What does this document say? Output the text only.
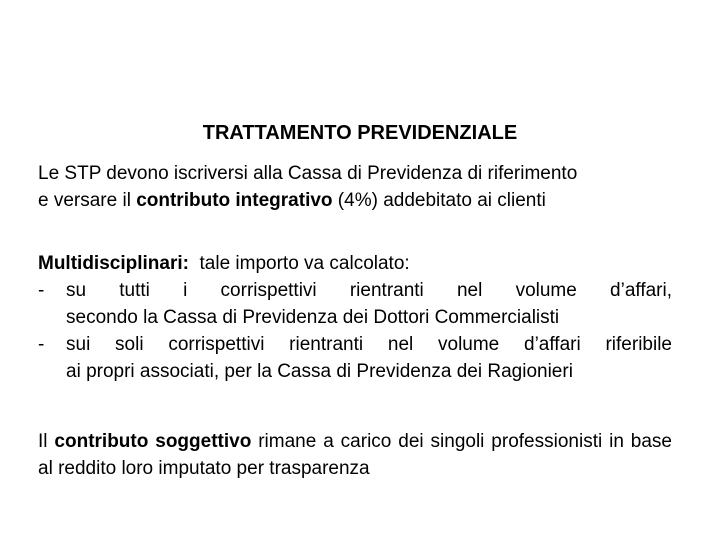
TRATTAMENTO PREVIDENZIALE
Le STP devono iscriversi alla Cassa di Previdenza di riferimento
e versare il contributo integrativo (4%) addebitato ai clienti
Multidisciplinari:  tale importo va calcolato:
-	su tutti i corrispettivi rientranti nel volume d’affari,
secondo la Cassa di Previdenza dei Dottori Commercialisti
-	sui soli corrispettivi rientranti nel volume d’affari riferibile
ai propri associati, per la Cassa di Previdenza dei Ragionieri
Il contributo soggettivo rimane a carico dei singoli professionisti in base al reddito loro imputato per trasparenza
